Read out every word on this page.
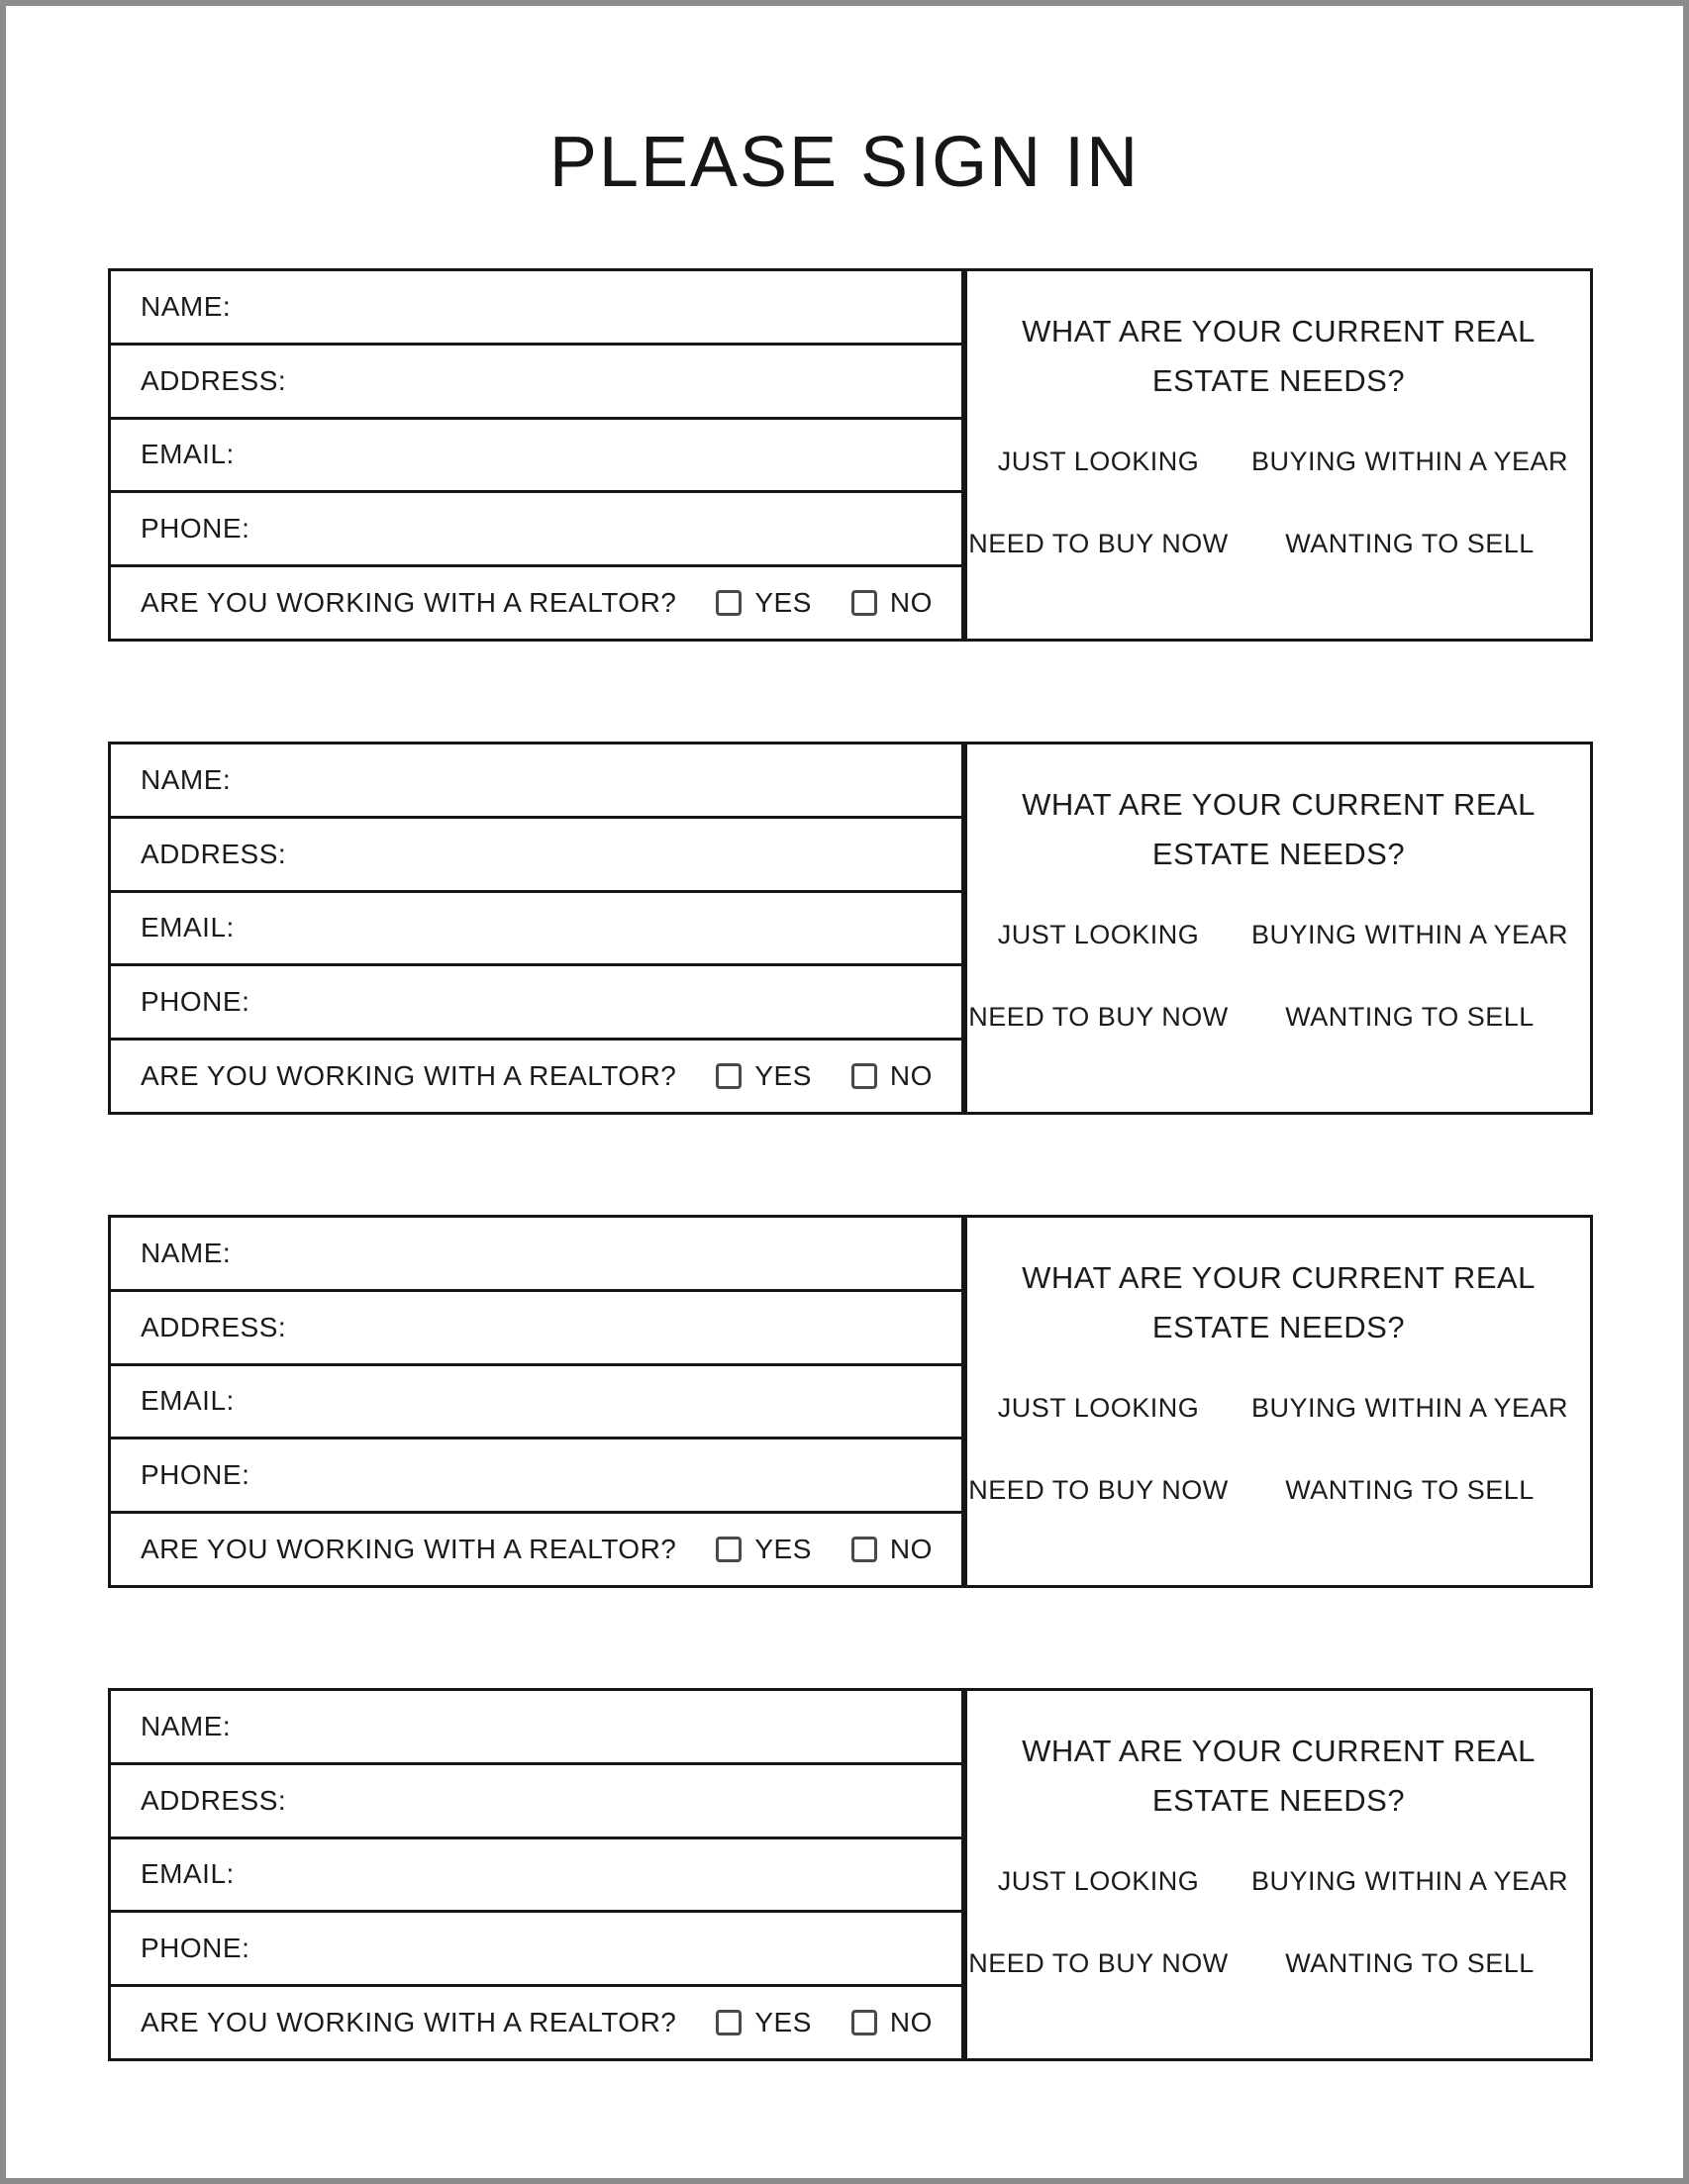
PLEASE SIGN IN
NAME:
ADDRESS:
EMAIL:
PHONE:
ARE YOU WORKING WITH A REALTOR?	YES	NO
WHAT ARE YOUR CURRENT REAL ESTATE NEEDS?
JUST LOOKING	BUYING WITHIN A YEAR
NEED TO BUY NOW	WANTING TO SELL
NAME:
ADDRESS:
EMAIL:
PHONE:
ARE YOU WORKING WITH A REALTOR?	YES	NO
WHAT ARE YOUR CURRENT REAL ESTATE NEEDS?
JUST LOOKING	BUYING WITHIN A YEAR
NEED TO BUY NOW	WANTING TO SELL
NAME:
ADDRESS:
EMAIL:
PHONE:
ARE YOU WORKING WITH A REALTOR?	YES	NO
WHAT ARE YOUR CURRENT REAL ESTATE NEEDS?
JUST LOOKING	BUYING WITHIN A YEAR
NEED TO BUY NOW	WANTING TO SELL
NAME:
ADDRESS:
EMAIL:
PHONE:
ARE YOU WORKING WITH A REALTOR?	YES	NO
WHAT ARE YOUR CURRENT REAL ESTATE NEEDS?
JUST LOOKING	BUYING WITHIN A YEAR
NEED TO BUY NOW	WANTING TO SELL
